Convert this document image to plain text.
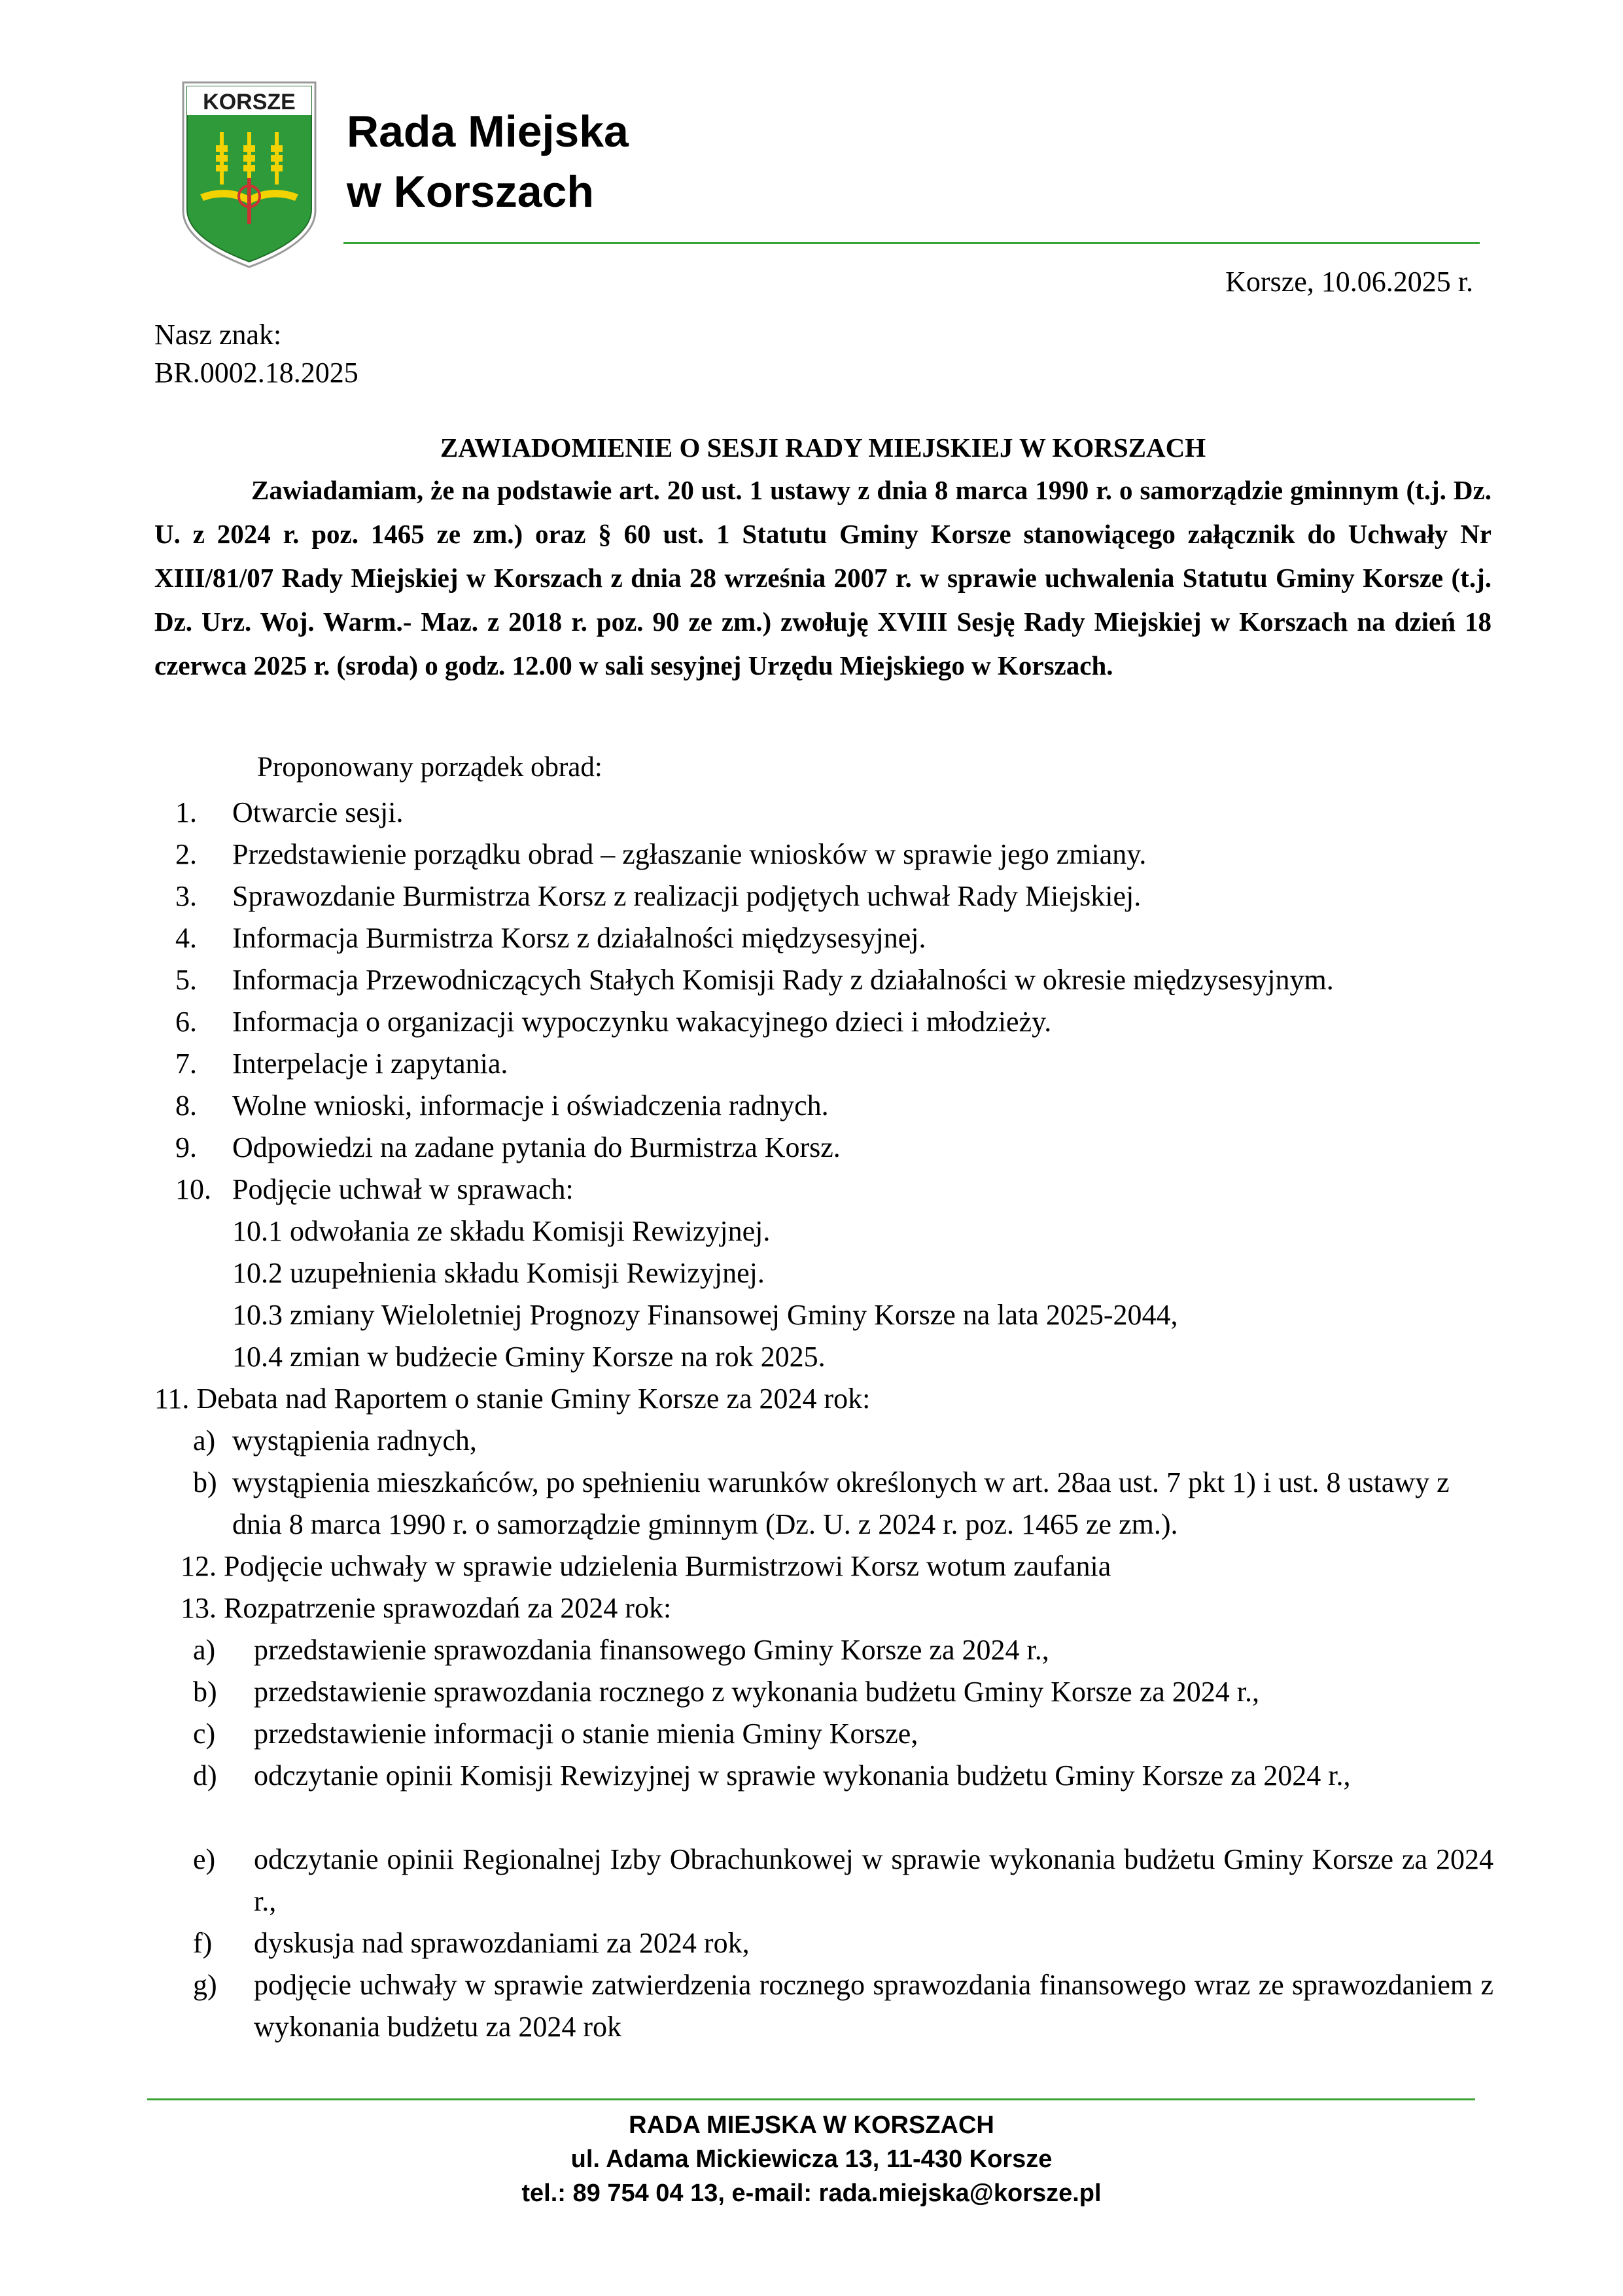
KORSZE
Rada Miejska
w Korszach
Korsze, 10.06.2025 r.
Nasz znak:
BR.0002.18.2025
ZAWIADOMIENIE O SESJI RADY MIEJSKIEJ W KORSZACH

Zawiadamiam, że na podstawie art. 20 ust. 1 ustawy z dnia 8 marca 1990 r. o samorządzie gminnym (t.j. Dz. U. z 2024 r. poz. 1465 ze zm.) oraz § 60 ust. 1 Statutu Gminy Korsze stanowiącego załącznik do Uchwały Nr XIII/81/07 Rady Miejskiej w Korszach z dnia 28 września 2007 r. w sprawie uchwalenia Statutu Gminy Korsze (t.j. Dz. Urz. Woj. Warm.- Maz. z 2018 r. poz. 90 ze zm.) zwołuję XVIII Sesję Rady Miejskiej w Korszach na dzień 18 czerwca 2025 r. (sroda) o godz. 12.00 w sali sesyjnej Urzędu Miejskiego w Korszach.

Proponowany porządek obrad:
1. Otwarcie sesji.
2. Przedstawienie porządku obrad – zgłaszanie wniosków w sprawie jego zmiany.
3. Sprawozdanie Burmistrza Korsz z realizacji podjętych uchwał Rady Miejskiej.
4. Informacja Burmistrza Korsz z działalności międzysesyjnej.
5. Informacja Przewodniczących Stałych Komisji Rady z działalności w okresie międzysesyjnym.
6. Informacja o organizacji wypoczynku wakacyjnego dzieci i młodzieży.
7. Interpelacje i zapytania.
8. Wolne wnioski, informacje i oświadczenia radnych.
9. Odpowiedzi na zadane pytania do Burmistrza Korsz.
10. Podjęcie uchwał w sprawach:
10.1 odwołania ze składu Komisji Rewizyjnej.
10.2 uzupełnienia składu Komisji Rewizyjnej.
10.3 zmiany Wieloletniej Prognozy Finansowej Gminy Korsze na lata 2025-2044,
10.4 zmian w budżecie Gminy Korsze na rok 2025.
11. Debata nad Raportem o stanie Gminy Korsze za 2024 rok:
a) wystąpienia radnych,
b) wystąpienia mieszkańców, po spełnieniu warunków określonych w art. 28aa ust. 7 pkt 1) i ust. 8 ustawy z dnia 8 marca 1990 r. o samorządzie gminnym (Dz. U. z 2024 r. poz. 1465 ze zm.).
12. Podjęcie uchwały w sprawie udzielenia Burmistrzowi Korsz wotum zaufania
13. Rozpatrzenie sprawozdań za 2024 rok:
a) przedstawienie sprawozdania finansowego Gminy Korsze za 2024 r.,
b) przedstawienie sprawozdania rocznego z wykonania budżetu Gminy Korsze za 2024 r.,
c) przedstawienie informacji o stanie mienia Gminy Korsze,
d) odczytanie opinii Komisji Rewizyjnej w sprawie wykonania budżetu Gminy Korsze za 2024 r.,
e) odczytanie opinii Regionalnej Izby Obrachunkowej w sprawie wykonania budżetu Gminy Korsze za 2024 r.,
f) dyskusja nad sprawozdaniami za 2024 rok,
g) podjęcie uchwały w sprawie zatwierdzenia rocznego sprawozdania finansowego wraz ze sprawozdaniem z wykonania budżetu za 2024 rok
RADA MIEJSKA W KORSZACH
ul. Adama Mickiewicza 13, 11-430 Korsze
tel.: 89 754 04 13, e-mail: rada.miejska@korsze.pl
